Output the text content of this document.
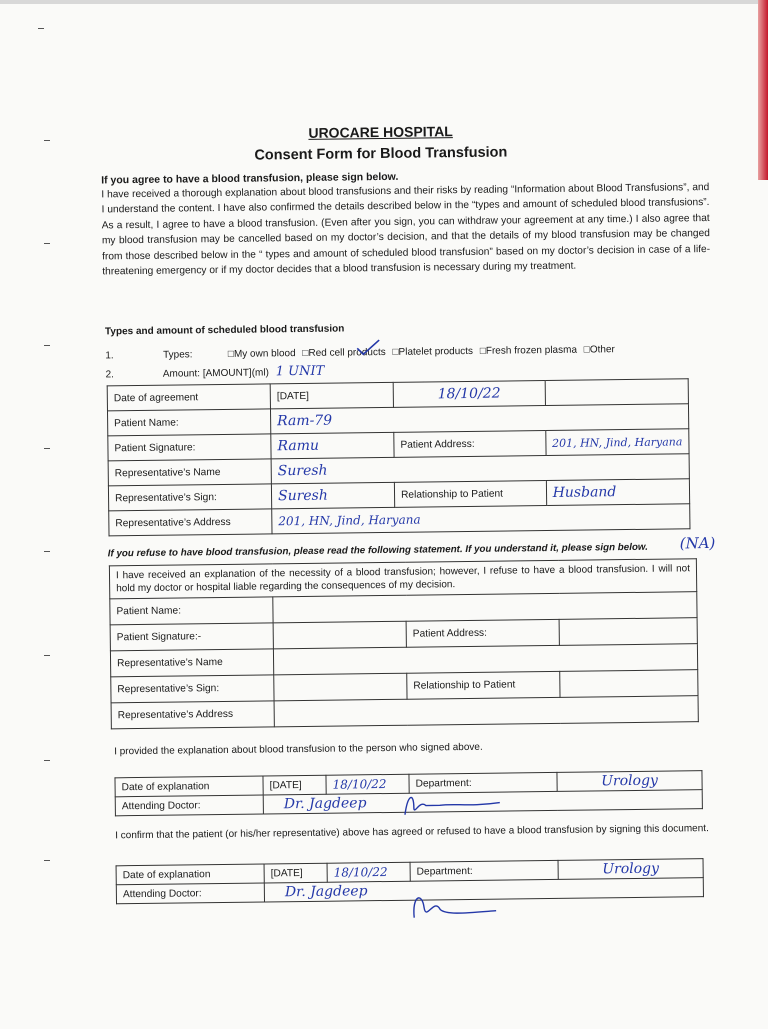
UROCARE HOSPITAL
Consent Form for Blood Transfusion
If you agree to have a blood transfusion, please sign below.
I have received a thorough explanation about blood transfusions and their risks by reading “Information about Blood Transfusions”, and I understand the content. I have also confirmed the details described below in the “types and amount of scheduled blood transfusions”. As a result, I agree to have a blood transfusion. (Even after you sign, you can withdraw your agreement at any time.) I also agree that my blood transfusion may be cancelled based on my doctor’s decision, and that the details of my blood transfusion may be changed from those described below in the “ types and amount of scheduled blood transfusion” based on my doctor’s decision in case of a life-threatening emergency or if my doctor decides that a blood transfusion is necessary during my treatment.
Types and amount of scheduled blood transfusion
1.	Types:	□My own blood □Red cell products □Platelet products □Fresh frozen plasma □Other
2.	Amount: [AMOUNT](ml) 1 UNIT
Date of agreement	[DATE]	18/10/22	
Patient Name:	Ram-79		
Patient Signature:	Ramu	Patient Address:	201, HN, Jind, Haryana
Representative’s Name	Suresh		
Representative’s Sign:	Suresh	Relationship to Patient	Husband
Representative’s Address	201, HN, Jind, Haryana		
If you refuse to have blood transfusion, please read the following statement. If you understand it, please sign below. (NA)
I have received an explanation of the necessity of a blood transfusion; however, I refuse to have a blood transfusion. I will not hold my doctor or hospital liable regarding the consequences of my decision.			
Patient Name:			
Patient Signature:-		Patient Address:	
Representative’s Name			
Representative’s Sign:		Relationship to Patient	
Representative’s Address			
I provided the explanation about blood transfusion to the person who signed above.
Date of explanation	[DATE]	18/10/22	Department:	Urology
Attending Doctor:	Dr. Jagdeep			
I confirm that the patient (or his/her representative) above has agreed or refused to have a blood transfusion by signing this document.
Date of explanation	[DATE]	18/10/22	Department:	Urology
Attending Doctor:	Dr. Jagdeep			
